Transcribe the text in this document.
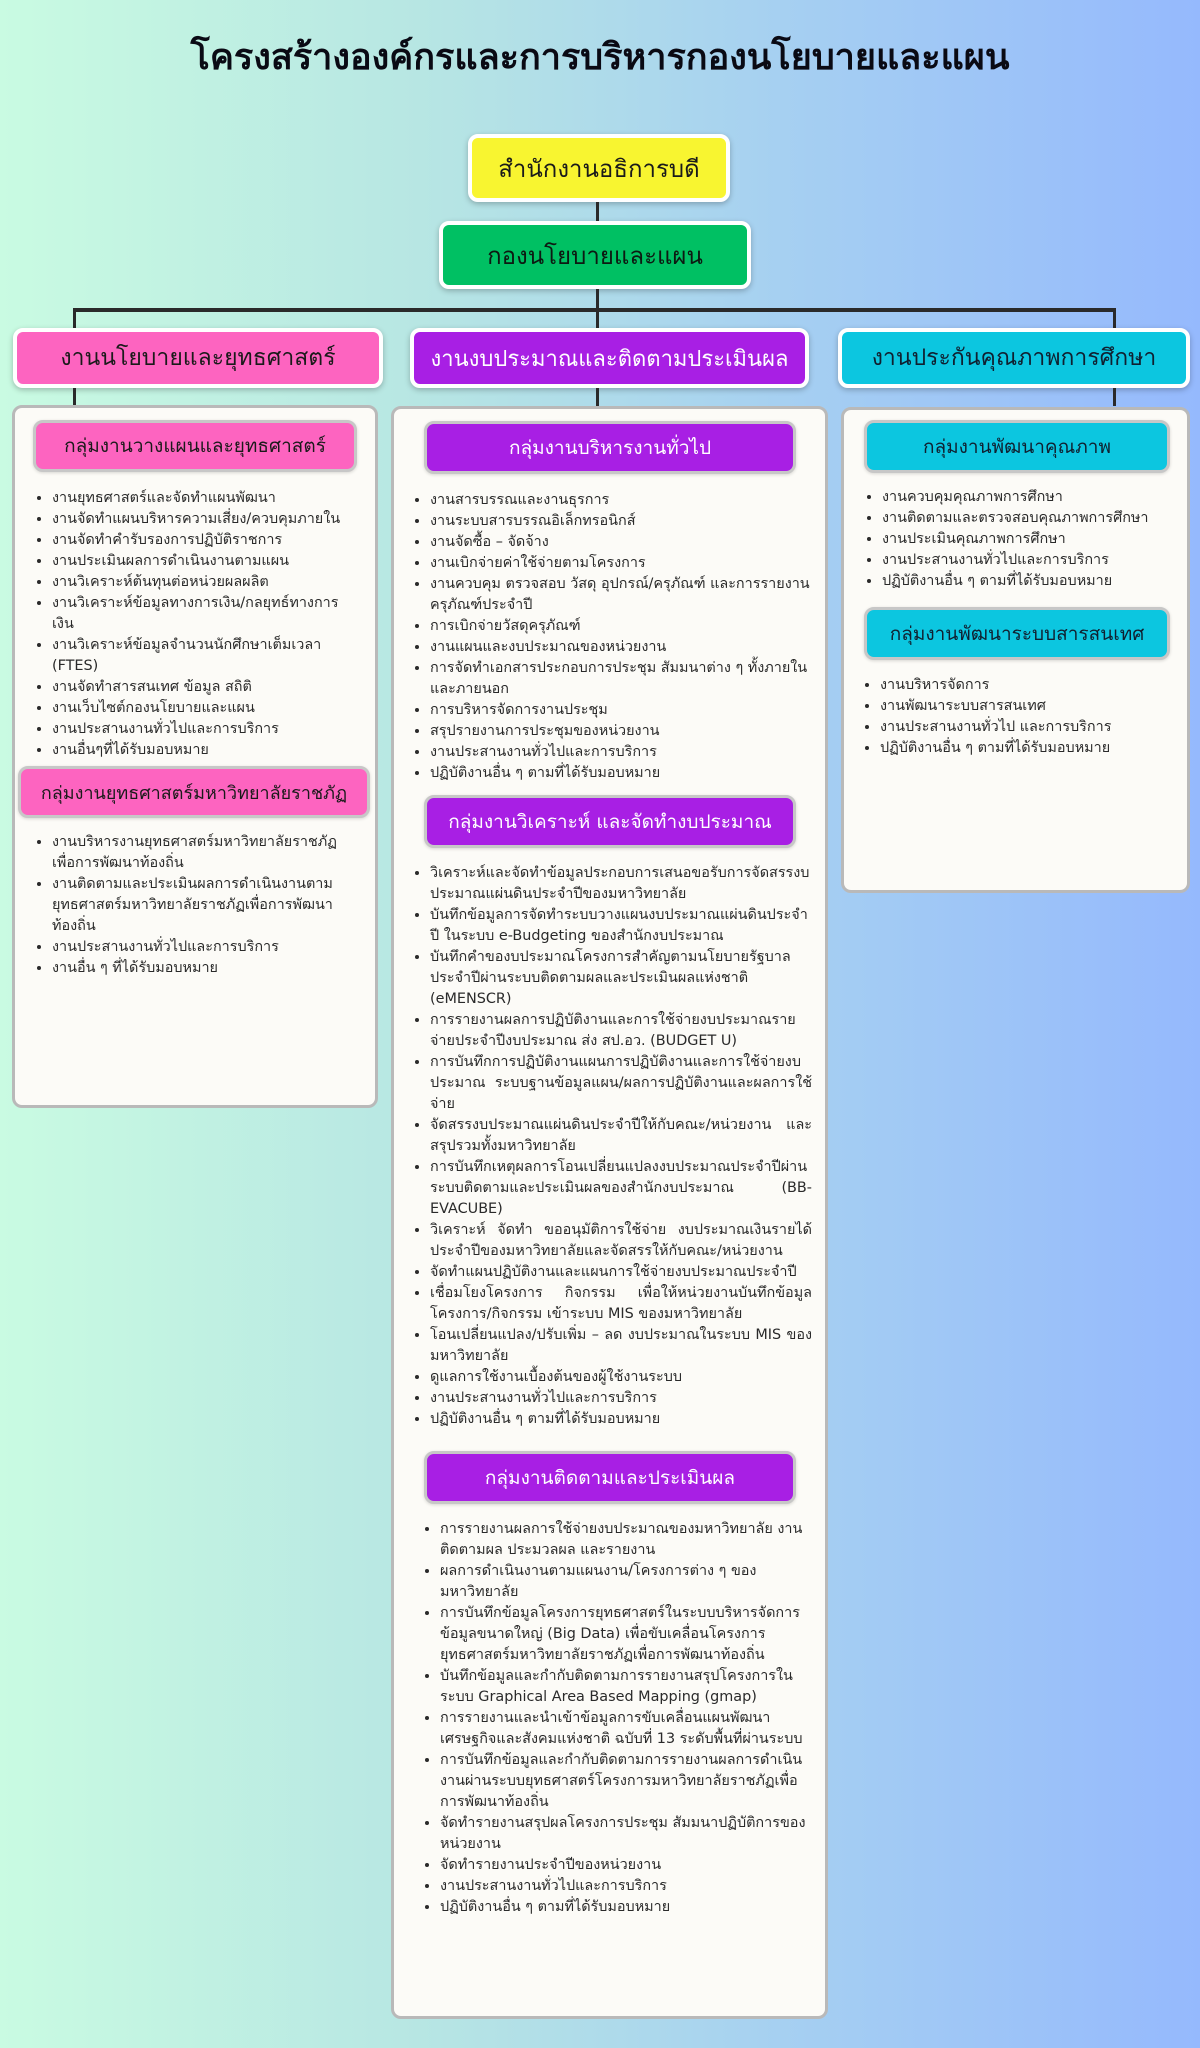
โครงสร้างองค์กรและการบริหารกองนโยบายและแผน
สำนักงานอธิการบดี
กองนโยบายและแผน
งานนโยบายและยุทธศาสตร์	งานงบประมาณและติดตามประเมินผล	งานประกันคุณภาพการศึกษา
กลุ่มงานวางแผนและยุทธศาสตร์
• งานยุทธศาสตร์และจัดทำแผนพัฒนา
• งานจัดทำแผนบริหารความเสี่ยง/ควบคุมภายใน
• งานจัดทำคำรับรองการปฏิบัติราชการ
• งานประเมินผลการดำเนินงานตามแผน
• งานวิเคราะห์ต้นทุนต่อหน่วยผลผลิต
• งานวิเคราะห์ข้อมูลทางการเงิน/กลยุทธ์ทางการเงิน
• งานวิเคราะห์ข้อมูลจำนวนนักศึกษาเต็มเวลา (FTES)
• งานจัดทำสารสนเทศ ข้อมูล สถิติ
• งานเว็บไซต์กองนโยบายและแผน
• งานประสานงานทั่วไปและการบริการ
• งานอื่นๆที่ได้รับมอบหมาย
กลุ่มงานยุทธศาสตร์มหาวิทยาลัยราชภัฏ
• งานบริหารงานยุทธศาสตร์มหาวิทยาลัยราชภัฏเพื่อการพัฒนาท้องถิ่น
• งานติดตามและประเมินผลการดำเนินงานตามยุทธศาสตร์มหาวิทยาลัยราชภัฏเพื่อการพัฒนาท้องถิ่น
• งานประสานงานทั่วไปและการบริการ
• งานอื่น ๆ ที่ได้รับมอบหมาย
กลุ่มงานบริหารงานทั่วไป
• งานสารบรรณและงานธุรการ
• งานระบบสารบรรณอิเล็กทรอนิกส์
• งานจัดซื้อ – จัดจ้าง
• งานเบิกจ่ายค่าใช้จ่ายตามโครงการ
• งานควบคุม ตรวจสอบ วัสดุ อุปกรณ์/ครุภัณฑ์ และการรายงานครุภัณฑ์ประจำปี
• การเบิกจ่ายวัสดุครุภัณฑ์
• งานแผนและงบประมาณของหน่วยงาน
• การจัดทำเอกสารประกอบการประชุม สัมมนาต่าง ๆ ทั้งภายในและภายนอก
• การบริหารจัดการงานประชุม
• สรุปรายงานการประชุมของหน่วยงาน
• งานประสานงานทั่วไปและการบริการ
• ปฏิบัติงานอื่น ๆ ตามที่ได้รับมอบหมาย
กลุ่มงานวิเคราะห์ และจัดทำงบประมาณ
• วิเคราะห์และจัดทำข้อมูลประกอบการเสนอขอรับการจัดสรรงบประมาณแผ่นดินประจำปีของมหาวิทยาลัย
• บันทึกข้อมูลการจัดทำระบบวางแผนงบประมาณแผ่นดินประจำปี ในระบบ e-Budgeting ของสำนักงบประมาณ
• บันทึกคำของบประมาณโครงการสำคัญตามนโยบายรัฐบาลประจำปีผ่านระบบติดตามผลและประเมินผลแห่งชาติ (eMENSCR)
• การรายงานผลการปฏิบัติงานและการใช้จ่ายงบประมาณรายจ่ายประจำปีงบประมาณ ส่ง สป.อว. (BUDGET U)
• การบันทึกการปฏิบัติงานแผนการปฏิบัติงานและการใช้จ่ายงบประมาณ ระบบฐานข้อมูลแผน/ผลการปฏิบัติงานและผลการใช้จ่าย
• จัดสรรงบประมาณแผ่นดินประจำปีให้กับคณะ/หน่วยงาน และสรุปรวมทั้งมหาวิทยาลัย
• การบันทึกเหตุผลการโอนเปลี่ยนแปลงงบประมาณประจำปีผ่านระบบติดตามและประเมินผลของสำนักงบประมาณ (BB-EVACUBE)
• วิเคราะห์ จัดทำ ขออนุมัติการใช้จ่าย งบประมาณเงินรายได้ประจำปีของมหาวิทยาลัยและจัดสรรให้กับคณะ/หน่วยงาน
• จัดทำแผนปฏิบัติงานและแผนการใช้จ่ายงบประมาณประจำปี
• เชื่อมโยงโครงการ กิจกรรม เพื่อให้หน่วยงานบันทึกข้อมูลโครงการ/กิจกรรม เข้าระบบ MIS ของมหาวิทยาลัย
• โอนเปลี่ยนแปลง/ปรับเพิ่ม – ลด งบประมาณในระบบ MIS ของมหาวิทยาลัย
• ดูแลการใช้งานเบื้องต้นของผู้ใช้งานระบบ
• งานประสานงานทั่วไปและการบริการ
• ปฏิบัติงานอื่น ๆ ตามที่ได้รับมอบหมาย
กลุ่มงานติดตามและประเมินผล
• การรายงานผลการใช้จ่ายงบประมาณของมหาวิทยาลัย งานติดตามผล ประมวลผล และรายงาน
• ผลการดำเนินงานตามแผนงาน/โครงการต่าง ๆ ของมหาวิทยาลัย
• การบันทึกข้อมูลโครงการยุทธศาสตร์ในระบบบริหารจัดการข้อมูลขนาดใหญ่ (Big Data) เพื่อขับเคลื่อนโครงการยุทธศาสตร์มหาวิทยาลัยราชภัฏเพื่อการพัฒนาท้องถิ่น
• บันทึกข้อมูลและกำกับติดตามการรายงานสรุปโครงการในระบบ Graphical Area Based Mapping (gmap)
• การรายงานและนำเข้าข้อมูลการขับเคลื่อนแผนพัฒนาเศรษฐกิจและสังคมแห่งชาติ ฉบับที่ 13 ระดับพื้นที่ผ่านระบบ
• การบันทึกข้อมูลและกำกับติดตามการรายงานผลการดำเนินงานผ่านระบบยุทธศาสตร์โครงการมหาวิทยาลัยราชภัฏเพื่อการพัฒนาท้องถิ่น
• จัดทำรายงานสรุปผลโครงการประชุม สัมมนาปฏิบัติการของหน่วยงาน
• จัดทำรายงานประจำปีของหน่วยงาน
• งานประสานงานทั่วไปและการบริการ
• ปฏิบัติงานอื่น ๆ ตามที่ได้รับมอบหมาย
กลุ่มงานพัฒนาคุณภาพ
• งานควบคุมคุณภาพการศึกษา
• งานติดตามและตรวจสอบคุณภาพการศึกษา
• งานประเมินคุณภาพการศึกษา
• งานประสานงานทั่วไปและการบริการ
• ปฏิบัติงานอื่น ๆ ตามที่ได้รับมอบหมาย
กลุ่มงานพัฒนาระบบสารสนเทศ
• งานบริหารจัดการ
• งานพัฒนาระบบสารสนเทศ
• งานประสานงานทั่วไป และการบริการ
• ปฏิบัติงานอื่น ๆ ตามที่ได้รับมอบหมาย
